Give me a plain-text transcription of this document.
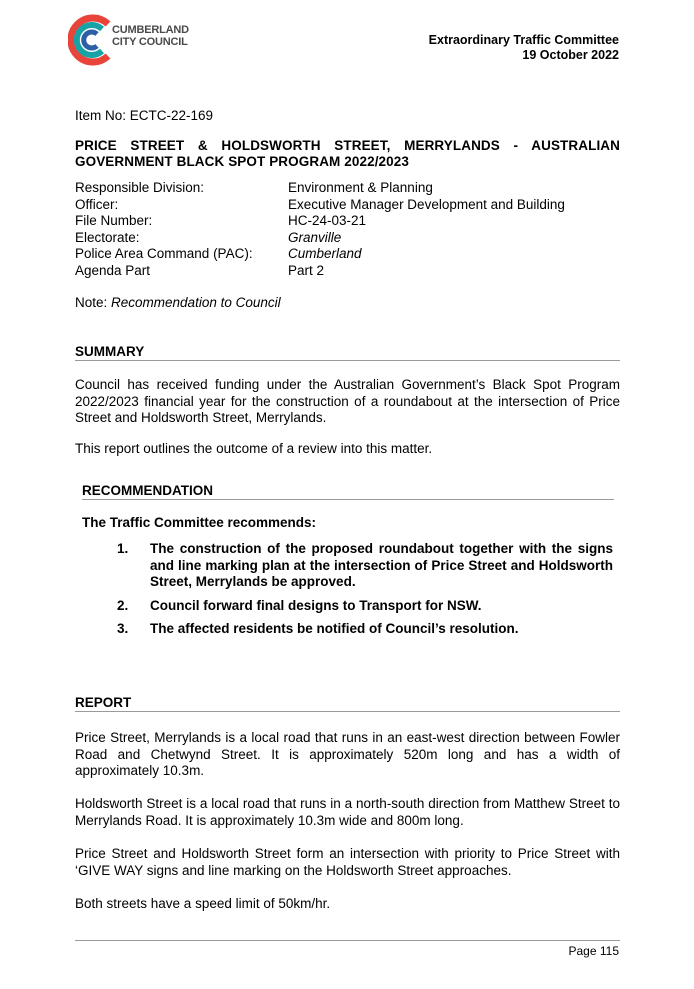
CUMBERLAND
CITY COUNCIL	Extraordinary Traffic Committee
19 October 2022
Item No: ECTC-22-169
PRICE STREET & HOLDSWORTH STREET, MERRYLANDS - AUSTRALIAN GOVERNMENT BLACK SPOT PROGRAM 2022/2023
Responsible Division:	Environment & Planning
Officer:	Executive Manager Development and Building
File Number:	HC-24-03-21
Electorate:	Granville
Police Area Command (PAC):	Cumberland
Agenda Part	Part 2
Note: Recommendation to Council
SUMMARY
Council has received funding under the Australian Government’s Black Spot Program 2022/2023 financial year for the construction of a roundabout at the intersection of Price Street and Holdsworth Street, Merrylands.
This report outlines the outcome of a review into this matter.
RECOMMENDATION
The Traffic Committee recommends:
1.	The construction of the proposed roundabout together with the signs and line marking plan at the intersection of Price Street and Holdsworth Street, Merrylands be approved.
2.	Council forward final designs to Transport for NSW.
3.	The affected residents be notified of Council’s resolution.
REPORT
Price Street, Merrylands is a local road that runs in an east-west direction between Fowler Road and Chetwynd Street. It is approximately 520m long and has a width of approximately 10.3m.
Holdsworth Street is a local road that runs in a north-south direction from Matthew Street to Merrylands Road. It is approximately 10.3m wide and 800m long.
Price Street and Holdsworth Street form an intersection with priority to Price Street with ‘GIVE WAY signs and line marking on the Holdsworth Street approaches.
Both streets have a speed limit of 50km/hr.
Page 115
